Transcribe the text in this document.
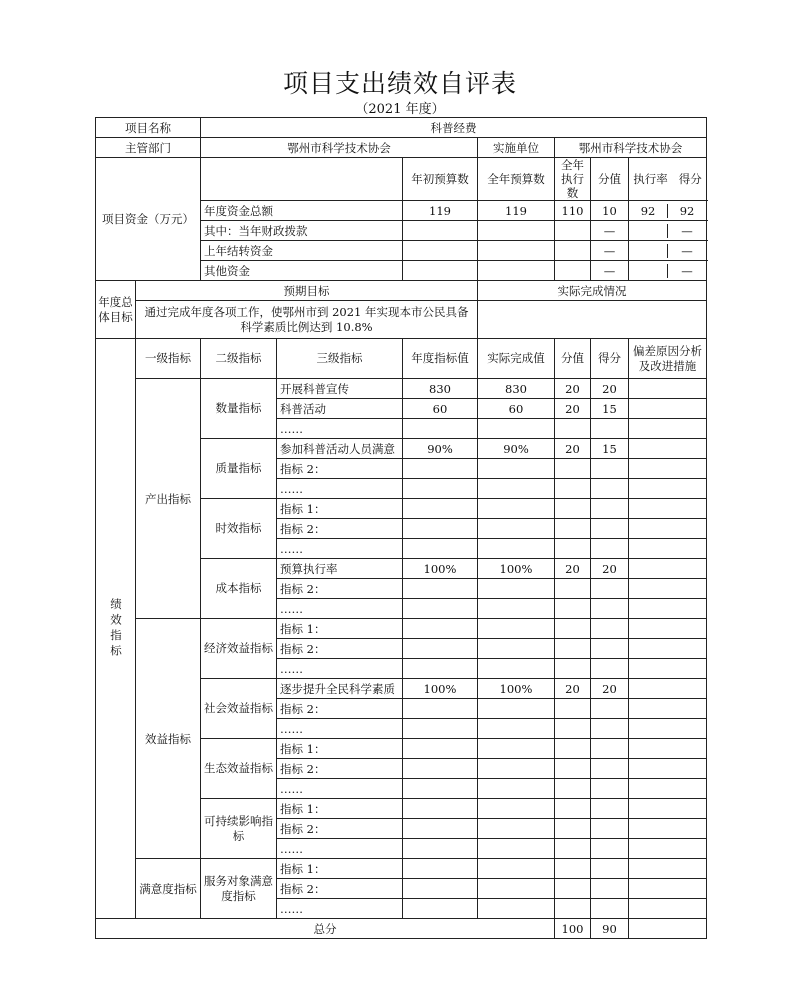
项目支出绩效自评表
（2021 年度）
项目名称		科普经费						
主管部门		鄂州市科学技术协会			实施单位	鄂州市科学技术协会		
项目资金（万元）				年初预算数	全年预算数	全年执行数	分值	执行率 得分
		年度资金总额		119	119	110	10	92 92

		其中：当年财政拨款					—	—

		上年结转资金					—	—

		其他资金					—	—

年度总体目标	预期目标				实际完成情况			
	通过完成年度各项工作，使鄂州市到 2021 年实现本市公民具备科学素质比例达到 10.8%							
绩效指标	一级指标	二级指标	三级指标	年度指标值	实际完成值	分值	得分	偏差原因分析及改进措施
	产出指标	数量指标	开展科普宣传	830	830	20	20	
			科普活动	60	60	20	15	
			……					
		质量指标	参加科普活动人员满意	90%	90%	20	15	
			指标 2：					
			……					
		时效指标	指标 1：					
			指标 2：					
			……					
		成本指标	预算执行率	100%	100%	20	20	
			指标 2：					
			……					
	效益指标	经济效益指标	指标 1：					
			指标 2：					
			……					
		社会效益指标	逐步提升全民科学素质	100%	100%	20	20	
			指标 2：					
			……					
		生态效益指标	指标 1：					
			指标 2：					
			……					
		可持续影响指标	指标 1：					
			指标 2：					
			……					
	满意度指标	服务对象满意度指标	指标 1：					
			指标 2：					
			……					
总分						100	90	
